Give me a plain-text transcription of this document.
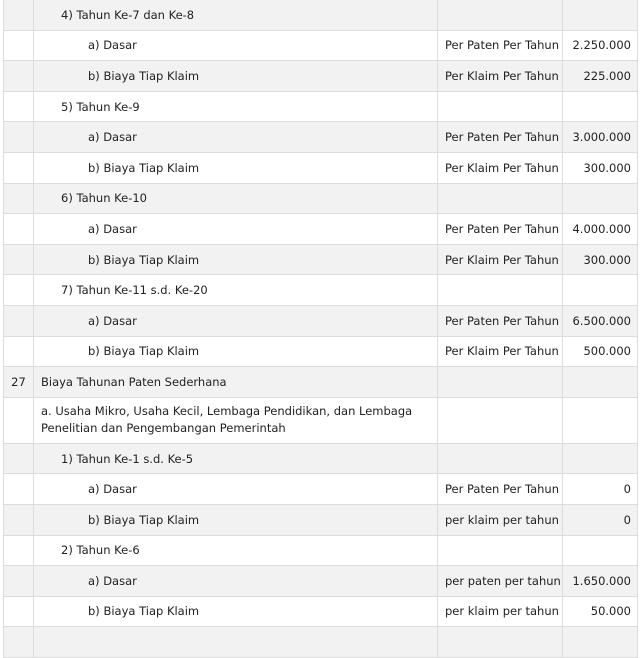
4) Tahun Ke-7 dan Ke-8
a) Dasar	Per Paten Per Tahun	2.250.000
b) Biaya Tiap Klaim	Per Klaim Per Tahun	225.000
5) Tahun Ke-9
a) Dasar	Per Paten Per Tahun	3.000.000
b) Biaya Tiap Klaim	Per Klaim Per Tahun	300.000
6) Tahun Ke-10
a) Dasar	Per Paten Per Tahun	4.000.000
b) Biaya Tiap Klaim	Per Klaim Per Tahun	300.000
7) Tahun Ke-11 s.d. Ke-20
a) Dasar	Per Paten Per Tahun	6.500.000
b) Biaya Tiap Klaim	Per Klaim Per Tahun	500.000
27	Biaya Tahunan Paten Sederhana
a. Usaha Mikro, Usaha Kecil, Lembaga Pendidikan, dan Lembaga Penelitian dan Pengembangan Pemerintah
1) Tahun Ke-1 s.d. Ke-5
a) Dasar	Per Paten Per Tahun	0
b) Biaya Tiap Klaim	per klaim per tahun	0
2) Tahun Ke-6
a) Dasar	per paten per tahun	1.650.000
b) Biaya Tiap Klaim	per klaim per tahun	50.000
